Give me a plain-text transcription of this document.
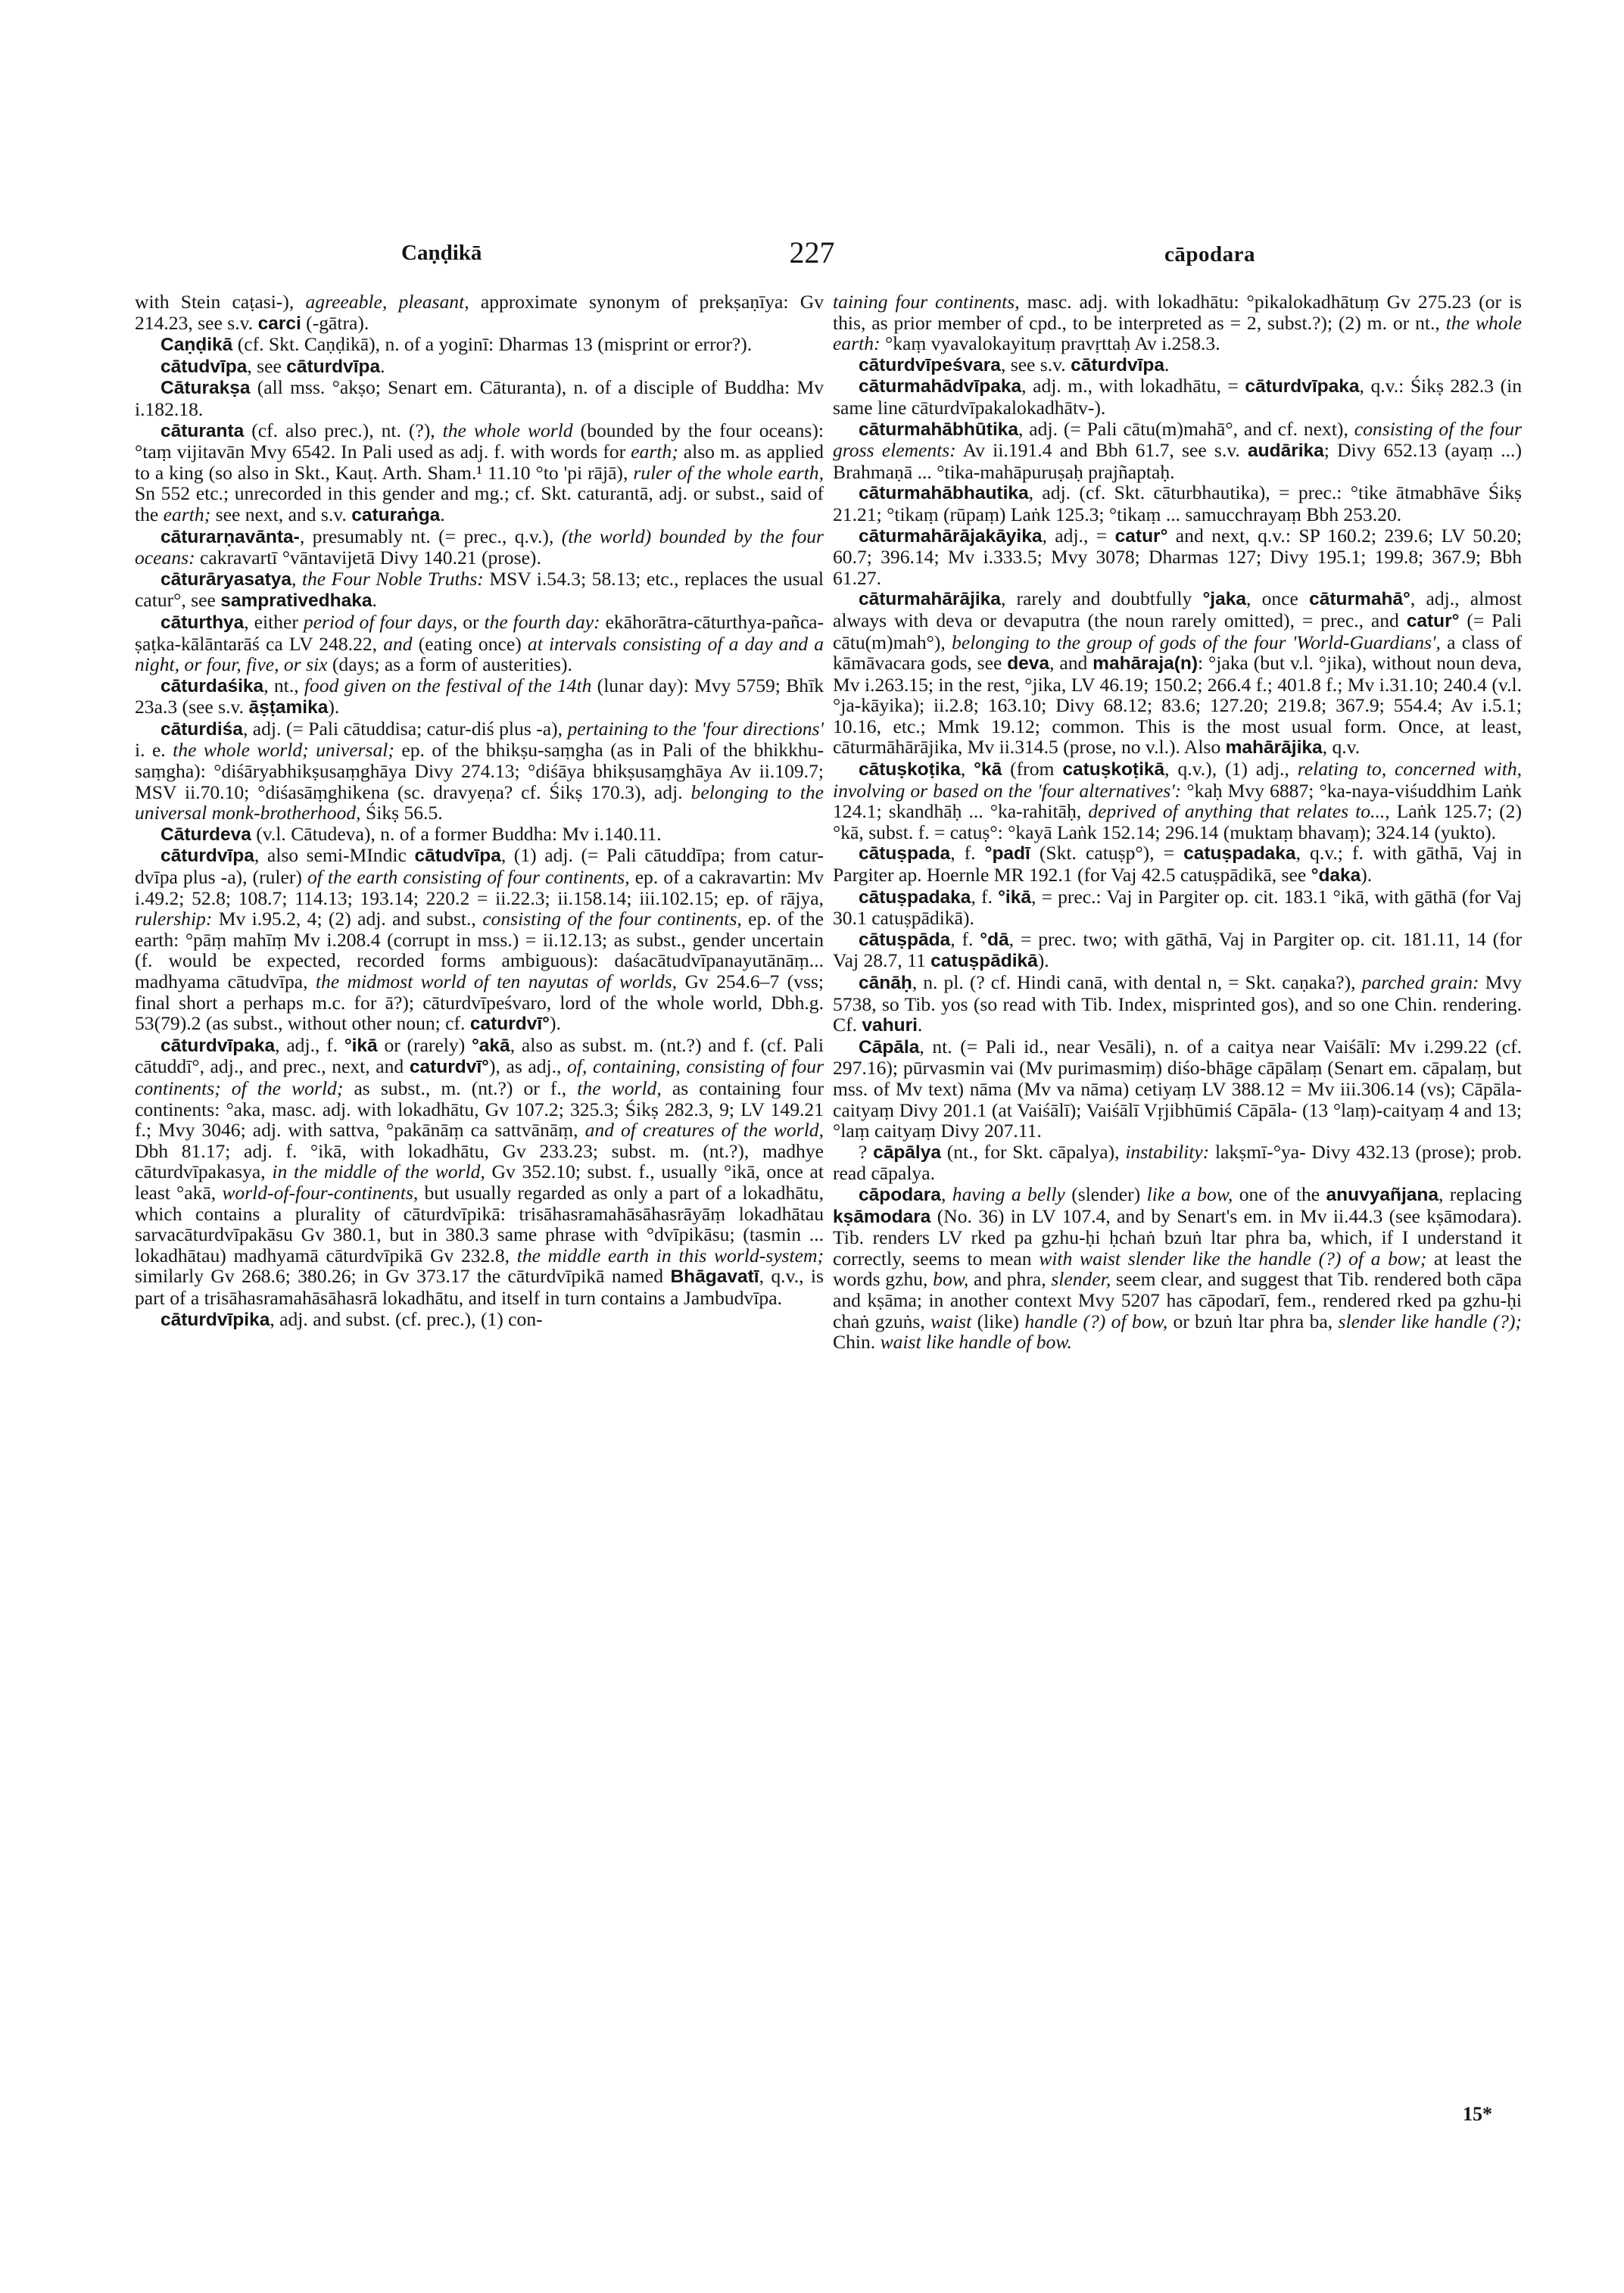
Caṇḍikā	227	cāpodara

with Stein caṭasi-), agreeable, pleasant, approximate synonym of prekṣaṇīya: Gv 214.23, see s.v. carci (-gātra).

Caṇḍikā (cf. Skt. Caṇḍikā), n. of a yoginī: Dharmas 13 (misprint or error?).

cātudvīpa, see cāturdvīpa.

Cāturakṣa (all mss. °akṣo; Senart em. Cāturanta), n. of a disciple of Buddha: Mv i.182.18.

cāturanta (cf. also prec.), nt. (?), the whole world (bounded by the four oceans): °taṃ vijitavān Mvy 6542. In Pali used as adj. f. with words for earth; also m. as applied to a king (so also in Skt., Kauṭ. Arth. Sham.¹ 11.10 °to 'pi rājā), ruler of the whole earth, Sn 552 etc.; unrecorded in this gender and mg.; cf. Skt. caturantā, adj. or subst., said of the earth; see next, and s.v. caturaṅga.

cāturarṇavānta-, presumably nt. (= prec., q.v.), (the world) bounded by the four oceans: cakravartī °vāntavijetā Divy 140.21 (prose).

cāturāryasatya, the Four Noble Truths: MSV i.54.3; 58.13; etc., replaces the usual catur°, see samprativedhaka.

cāturthya, either period of four days, or the fourth day: ekāhorātra-cāturthya-pañca-ṣaṭka-kālāntarāś ca LV 248.22, and (eating once) at intervals consisting of a day and a night, or four, five, or six (days; as a form of austerities).

cāturdaśika, nt., food given on the festival of the 14th (lunar day): Mvy 5759; Bhīk 23a.3 (see s.v. āṣṭamika).

cāturdiśa, adj. (= Pali cātuddisa; catur-diś plus -a), pertaining to the 'four directions' i. e. the whole world; universal; ep. of the bhikṣu-saṃgha (as in Pali of the bhikkhu-saṃgha): °diśāryabhikṣusaṃghāya Divy 274.13; °diśāya bhikṣusaṃghāya Av ii.109.7; MSV ii.70.10; °diśasāṃghikena (sc. dravyeṇa? cf. Śikṣ 170.3), adj. belonging to the universal monk-brotherhood, Śikṣ 56.5.

Cāturdeva (v.l. Cātudeva), n. of a former Buddha: Mv i.140.11.

cāturdvīpa, also semi-MIndic cātudvīpa, (1) adj. (= Pali cātuddīpa; from catur-dvīpa plus -a), (ruler) of the earth consisting of four continents, ep. of a cakravartin: Mv i.49.2; 52.8; 108.7; 114.13; 193.14; 220.2 = ii.22.3; ii.158.14; iii.102.15; ep. of rājya, rulership: Mv i.95.2, 4; (2) adj. and subst., consisting of the four continents, ep. of the earth: °pāṃ mahīṃ Mv i.208.4 (corrupt in mss.) = ii.12.13; as subst., gender uncertain (f. would be expected, recorded forms ambiguous): daśacātudvīpanayutānāṃ... madhyama cātudvīpa, the midmost world of ten nayutas of worlds, Gv 254.6–7 (vss; final short a perhaps m.c. for ā?); cāturdvīpeśvaro, lord of the whole world, Dbh.g. 53(79).2 (as subst., without other noun; cf. caturdvī°).

cāturdvīpaka, adj., f. °ikā or (rarely) °akā, also as subst. m. (nt.?) and f. (cf. Pali cātuddī°, adj., and prec., next, and caturdvī°), as adj., of, containing, consisting of four continents; of the world; as subst., m. (nt.?) or f., the world, as containing four continents: °aka, masc. adj. with lokadhātu, Gv 107.2; 325.3; Śikṣ 282.3, 9; LV 149.21 f.; Mvy 3046; adj. with sattva, °pakānāṃ ca sattvānāṃ, and of creatures of the world, Dbh 81.17; adj. f. °ikā, with lokadhātu, Gv 233.23; subst. m. (nt.?), madhye cāturdvīpakasya, in the middle of the world, Gv 352.10; subst. f., usually °ikā, once at least °akā, world-of-four-continents, but usually regarded as only a part of a lokadhātu, which contains a plurality of cāturdvīpikā: trisāhasramahāsāhasrāyāṃ lokadhātau sarvacāturdvīpakāsu Gv 380.1, but in 380.3 same phrase with °dvīpikāsu; (tasmin ... lokadhātau) madhyamā cāturdvīpikā Gv 232.8, the middle earth in this world-system; similarly Gv 268.6; 380.26; in Gv 373.17 the cāturdvīpikā named Bhāgavatī, q.v., is part of a trisāhasramahāsāhasrā lokadhātu, and itself in turn contains a Jambudvīpa.

cāturdvīpika, adj. and subst. (cf. prec.), (1) con-

taining four continents, masc. adj. with lokadhātu: °pikalokadhātuṃ Gv 275.23 (or is this, as prior member of cpd., to be interpreted as = 2, subst.?); (2) m. or nt., the whole earth: °kaṃ vyavalokayituṃ pravṛttaḥ Av i.258.3.

cāturdvīpeśvara, see s.v. cāturdvīpa.

cāturmahādvīpaka, adj. m., with lokadhātu, = cāturdvīpaka, q.v.: Śikṣ 282.3 (in same line cāturdvīpakalokadhātv-).

cāturmahābhūtika, adj. (= Pali cātu(m)mahā°, and cf. next), consisting of the four gross elements: Av ii.191.4 and Bbh 61.7, see s.v. audārika; Divy 652.13 (ayaṃ ...) Brahmaṇā ... °tika-mahāpuruṣaḥ prajñaptaḥ.

cāturmahābhautika, adj. (cf. Skt. cāturbhautika), = prec.: °tike ātmabhāve Śikṣ 21.21; °tikaṃ (rūpaṃ) Laṅk 125.3; °tikaṃ ... samucchrayaṃ Bbh 253.20.

cāturmahārājakāyika, adj., = catur° and next, q.v.: SP 160.2; 239.6; LV 50.20; 60.7; 396.14; Mv i.333.5; Mvy 3078; Dharmas 127; Divy 195.1; 199.8; 367.9; Bbh 61.27.

cāturmahārājika, rarely and doubtfully °jaka, once cāturmahā°, adj., almost always with deva or devaputra (the noun rarely omitted), = prec., and catur° (= Pali cātu(m)mah°), belonging to the group of gods of the four 'World-Guardians', a class of kāmāvacara gods, see deva, and mahāraja(n): °jaka (but v.l. °jika), without noun deva, Mv i.263.15; in the rest, °jika, LV 46.19; 150.2; 266.4 f.; 401.8 f.; Mv i.31.10; 240.4 (v.l. °ja-kāyika); ii.2.8; 163.10; Divy 68.12; 83.6; 127.20; 219.8; 367.9; 554.4; Av i.5.1; 10.16, etc.; Mmk 19.12; common. This is the most usual form. Once, at least, cāturmāhārājika, Mv ii.314.5 (prose, no v.l.). Also mahārājika, q.v.

cātuṣkoṭika, °kā (from catuṣkoṭikā, q.v.), (1) adj., relating to, concerned with, involving or based on the 'four alternatives': °kaḥ Mvy 6887; °ka-naya-viśuddhim Laṅk 124.1; skandhāḥ ... °ka-rahitāḥ, deprived of anything that relates to..., Laṅk 125.7; (2) °kā, subst. f. = catuṣ°: °kayā Laṅk 152.14; 296.14 (muktaṃ bhavaṃ); 324.14 (yukto).

cātuṣpada, f. °padī (Skt. catuṣp°), = catuṣpadaka, q.v.; f. with gāthā, Vaj in Pargiter ap. Hoernle MR 192.1 (for Vaj 42.5 catuṣpādikā, see °daka).

cātuṣpadaka, f. °ikā, = prec.: Vaj in Pargiter op. cit. 183.1 °ikā, with gāthā (for Vaj 30.1 catuṣpādikā).

cātuṣpāda, f. °dā, = prec. two; with gāthā, Vaj in Pargiter op. cit. 181.11, 14 (for Vaj 28.7, 11 catuṣpādikā).

cānāḥ, n. pl. (? cf. Hindi canā, with dental n, = Skt. caṇaka?), parched grain: Mvy 5738, so Tib. yos (so read with Tib. Index, misprinted gos), and so one Chin. rendering. Cf. vahuri.

Cāpāla, nt. (= Pali id., near Vesāli), n. of a caitya near Vaiśālī: Mv i.299.22 (cf. 297.16); pūrvasmin vai (Mv purimasmiṃ) diśo-bhāge cāpālaṃ (Senart em. cāpalaṃ, but mss. of Mv text) nāma (Mv va nāma) cetiyaṃ LV 388.12 = Mv iii.306.14 (vs); Cāpāla-caityaṃ Divy 201.1 (at Vaiśālī); Vaiśālī Vṛjibhūmiś Cāpāla- (13 °laṃ)-caityaṃ 4 and 13; °laṃ caityaṃ Divy 207.11.

? cāpālya (nt., for Skt. cāpalya), instability: lakṣmī-°ya- Divy 432.13 (prose); prob. read cāpalya.

cāpodara, having a belly (slender) like a bow, one of the anuvyañjana, replacing kṣāmodara (No. 36) in LV 107.4, and by Senart's em. in Mv ii.44.3 (see kṣāmodara). Tib. renders LV rked pa gzhu-ḥi ḥchaṅ bzuṅ ltar phra ba, which, if I understand it correctly, seems to mean with waist slender like the handle (?) of a bow; at least the words gzhu, bow, and phra, slender, seem clear, and suggest that Tib. rendered both cāpa and kṣāma; in another context Mvy 5207 has cāpodarī, fem., rendered rked pa gzhu-ḥi chaṅ gzuṅs, waist (like) handle (?) of bow, or bzuṅ ltar phra ba, slender like handle (?); Chin. waist like handle of bow.

15*
